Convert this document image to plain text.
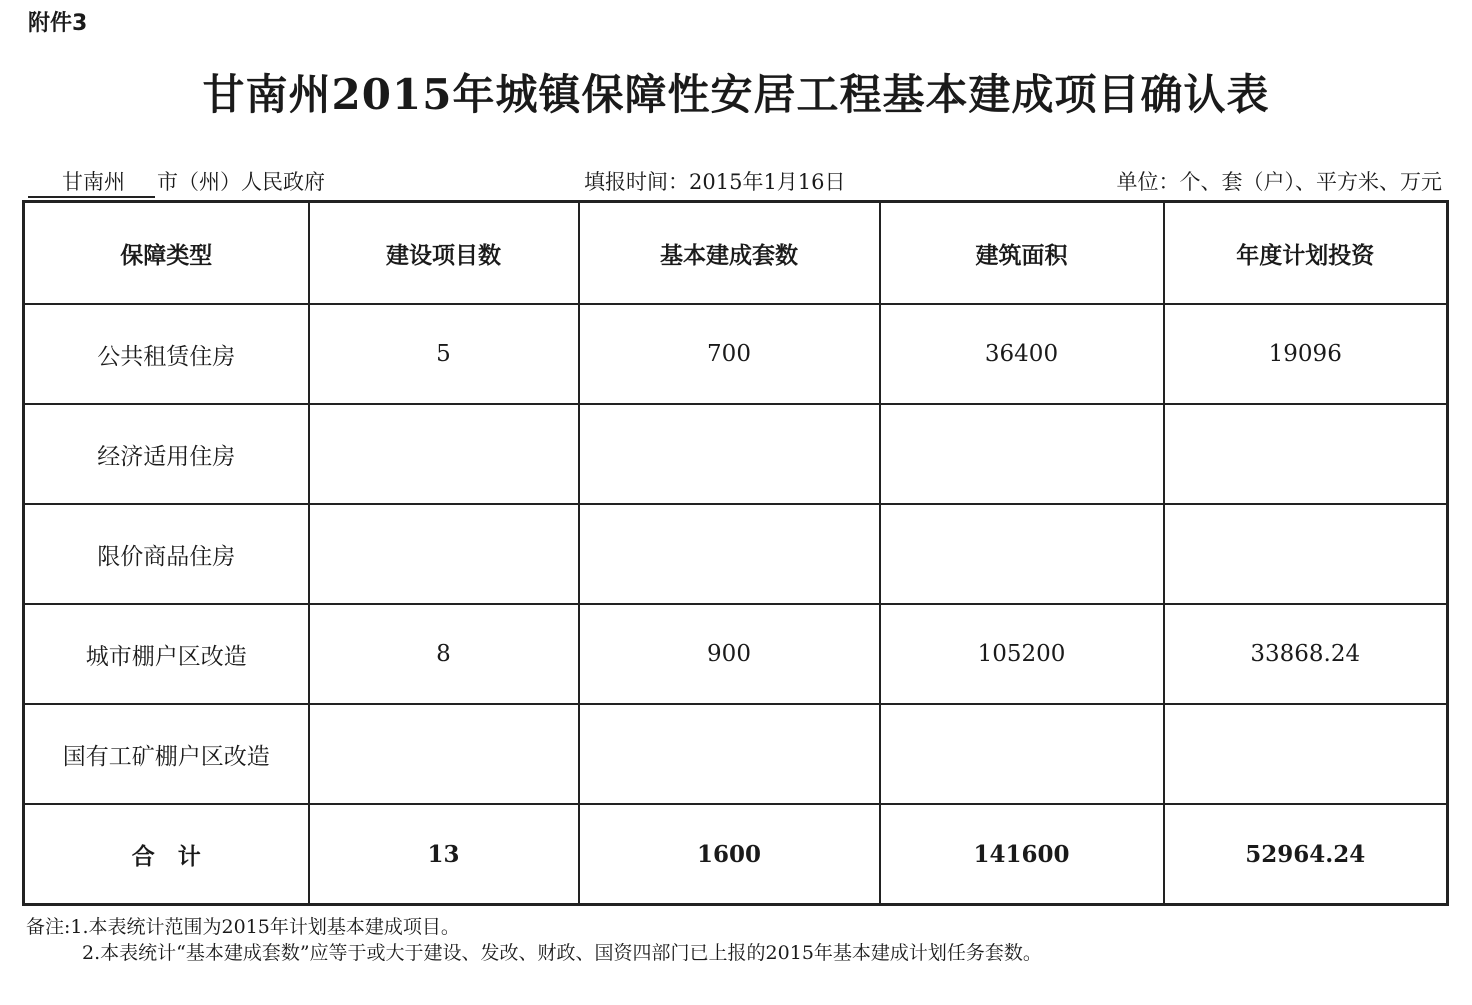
附件3
甘南州2015年城镇保障性安居工程基本建成项目确认表
甘南州 市（州）人民政府	填报时间：2015年1月16日	单位：个、套（户）、平方米、万元
保障类型	建设项目数	基本建成套数	建筑面积	年度计划投资
公共租赁住房	5	700	36400	19096
经济适用住房				
限价商品住房				
城市棚户区改造	8	900	105200	33868.24
国有工矿棚户区改造				
合　计	13	1600	141600	52964.24
备注:1.本表统计范围为2015年计划基本建成项目。
2.本表统计“基本建成套数”应等于或大于建设、发改、财政、国资四部门已上报的2015年基本建成计划任务套数。
